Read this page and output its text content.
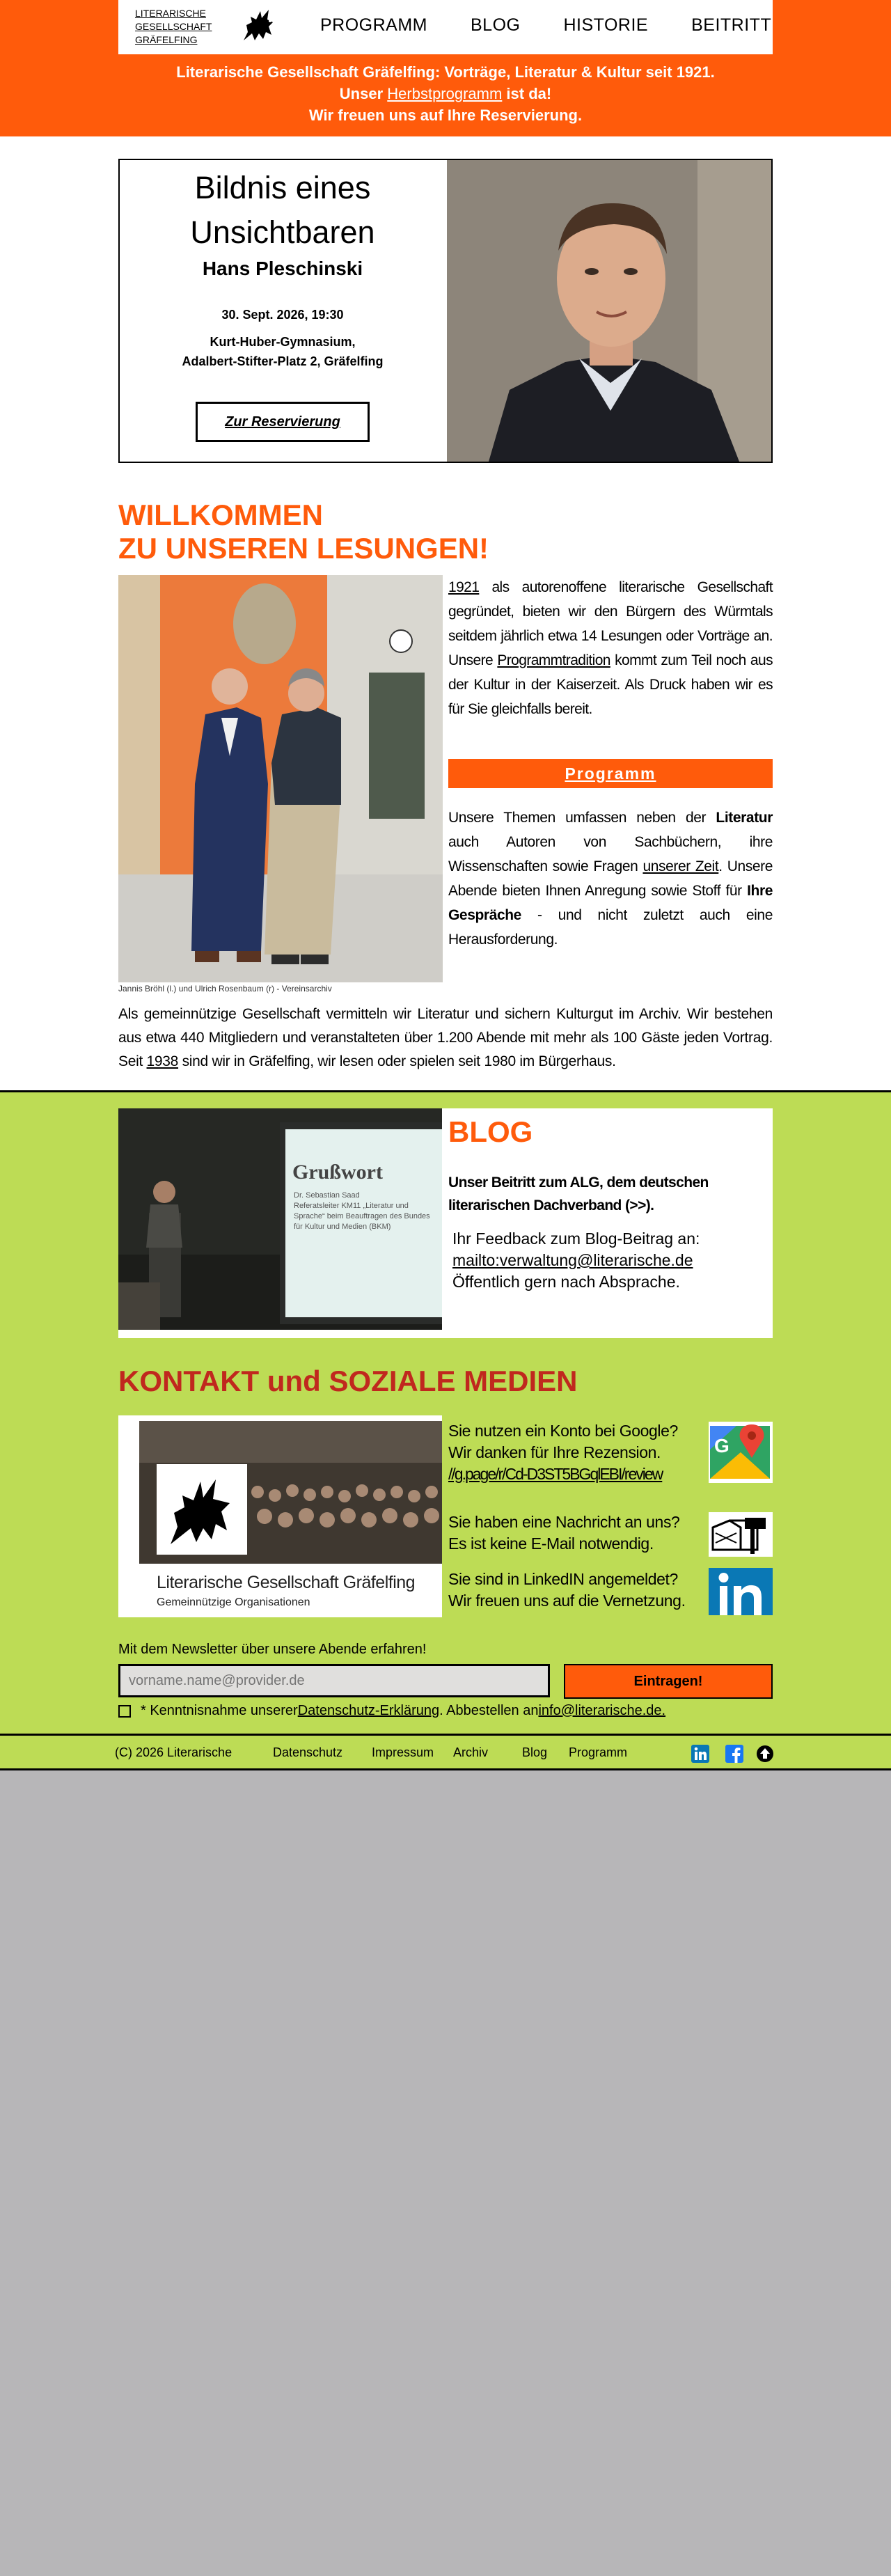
LITERARISCHE
GESELLSCHAFT
GRÄFELFING
PROGRAMM BLOG HISTORIE BEITRITT
Literarische Gesellschaft Gräfelfing: Vorträge, Literatur & Kultur seit 1921.
Unser Herbstprogramm ist da!
Wir freuen uns auf Ihre Reservierung.
Bildnis eines
Unsichtbaren
Hans Pleschinski
30. Sept. 2026, 19:30
Kurt-Huber-Gymnasium,
Adalbert-Stifter-Platz 2, Gräfelfing
Zur Reservierung
WILLKOMMEN
ZU UNSEREN LESUNGEN!
Jannis Bröhl (l.) und Ulrich Rosenbaum (r) - Vereinsarchiv
1921 als autorenoffene literarische Gesellschaft gegründet, bieten wir den Bürgern des Würmtals seitdem jährlich etwa 14 Lesungen oder Vorträge an. Unsere Programmtradition kommt zum Teil noch aus der Kultur in der Kaiserzeit. Als Druck haben wir es für Sie gleichfalls bereit.
Programm
Unsere Themen umfassen neben der Literatur auch Autoren von Sachbüchern, ihre Wissenschaften sowie Fragen unserer Zeit. Unsere Abende bieten Ihnen Anregung sowie Stoff für Ihre Gespräche - und nicht zuletzt auch eine Herausforderung.
Als gemeinnützige Gesellschaft vermitteln wir Literatur und sichern Kulturgut im Archiv. Wir bestehen aus etwa 440 Mitgliedern und veranstalteten über 1.200 Abende mit mehr als 100 Gäste jeden Vortrag. Seit 1938 sind wir in Gräfelfing, wir lesen oder spielen seit 1980 im Bürgerhaus.
Grußwort
Dr. Sebastian Saad
Referatsleiter KM11 „Literatur und
Sprache“ beim Beauftragen des Bundes
für Kultur und Medien (BKM)
BLOG
Unser Beitritt zum ALG, dem deutschen literarischen Dachverband (>>).
Ihr Feedback zum Blog-Beitrag an:
mailto:verwaltung@literarische.de
Öffentlich gern nach Absprache.
KONTAKT und SOZIALE MEDIEN
Literarische Gesellschaft Gräfelfing
Gemeinnützige Organisationen
Sie nutzen ein Konto bei Google?
Wir danken für Ihre Rezension.
//g.page/r/Cd-D3ST5BGqlEBI/review
G
Sie haben eine Nachricht an uns?
Es ist keine E-Mail notwendig.
Sie sind in LinkedIN angemeldet?
Wir freuen uns auf die Vernetzung.
Mit dem Newsletter über unsere Abende erfahren!
vorname.name@provider.de
Eintragen!
* Kenntnisnahme unserer Datenschutz-Erklärung . Abbestellen an info@literarische.de.
(C) 2026 Literarische	Datenschutz Impressum Archiv	Blog Programm
